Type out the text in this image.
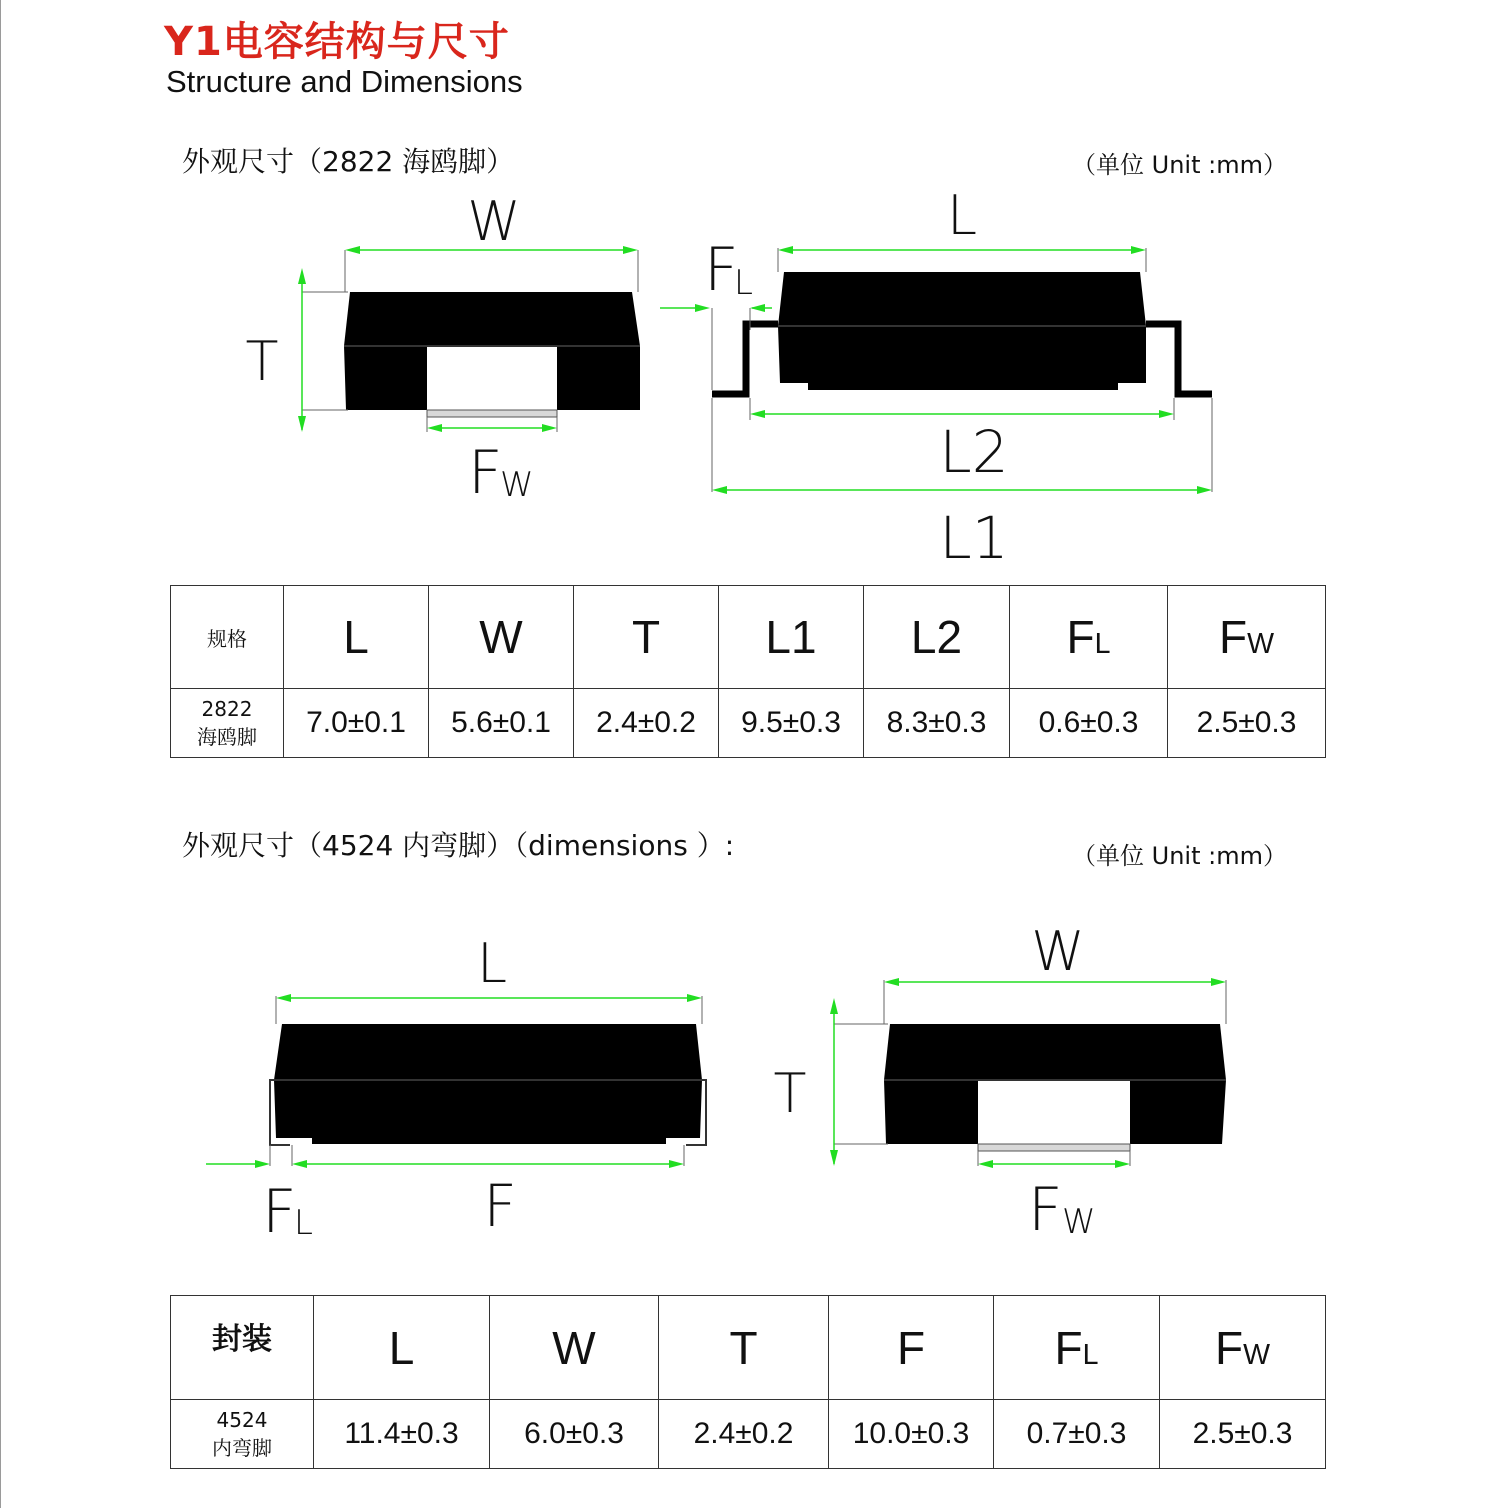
Y1电容结构与尺寸
Structure and Dimensions
外观尺寸（2822 海鸥脚）	（单位 Unit :mm）
W
T
F
W
L
F
L
L2
L1
规格	L	W	T	L1	L2	FL	FW

2822
海鸥脚	7.0±0.1	5.6±0.1	2.4±0.2	9.5±0.3	8.3±0.3	0.6±0.3	2.5±0.3
外观尺寸（4524 内弯脚）（dimensions ）:	（单位 Unit :mm）
L
F
L	F
W
T
F W
封装	L	W	T	F	FL	FW

4524
内弯脚	11.4±0.3	6.0±0.3	2.4±0.2	10.0±0.3	0.7±0.3	2.5±0.3
